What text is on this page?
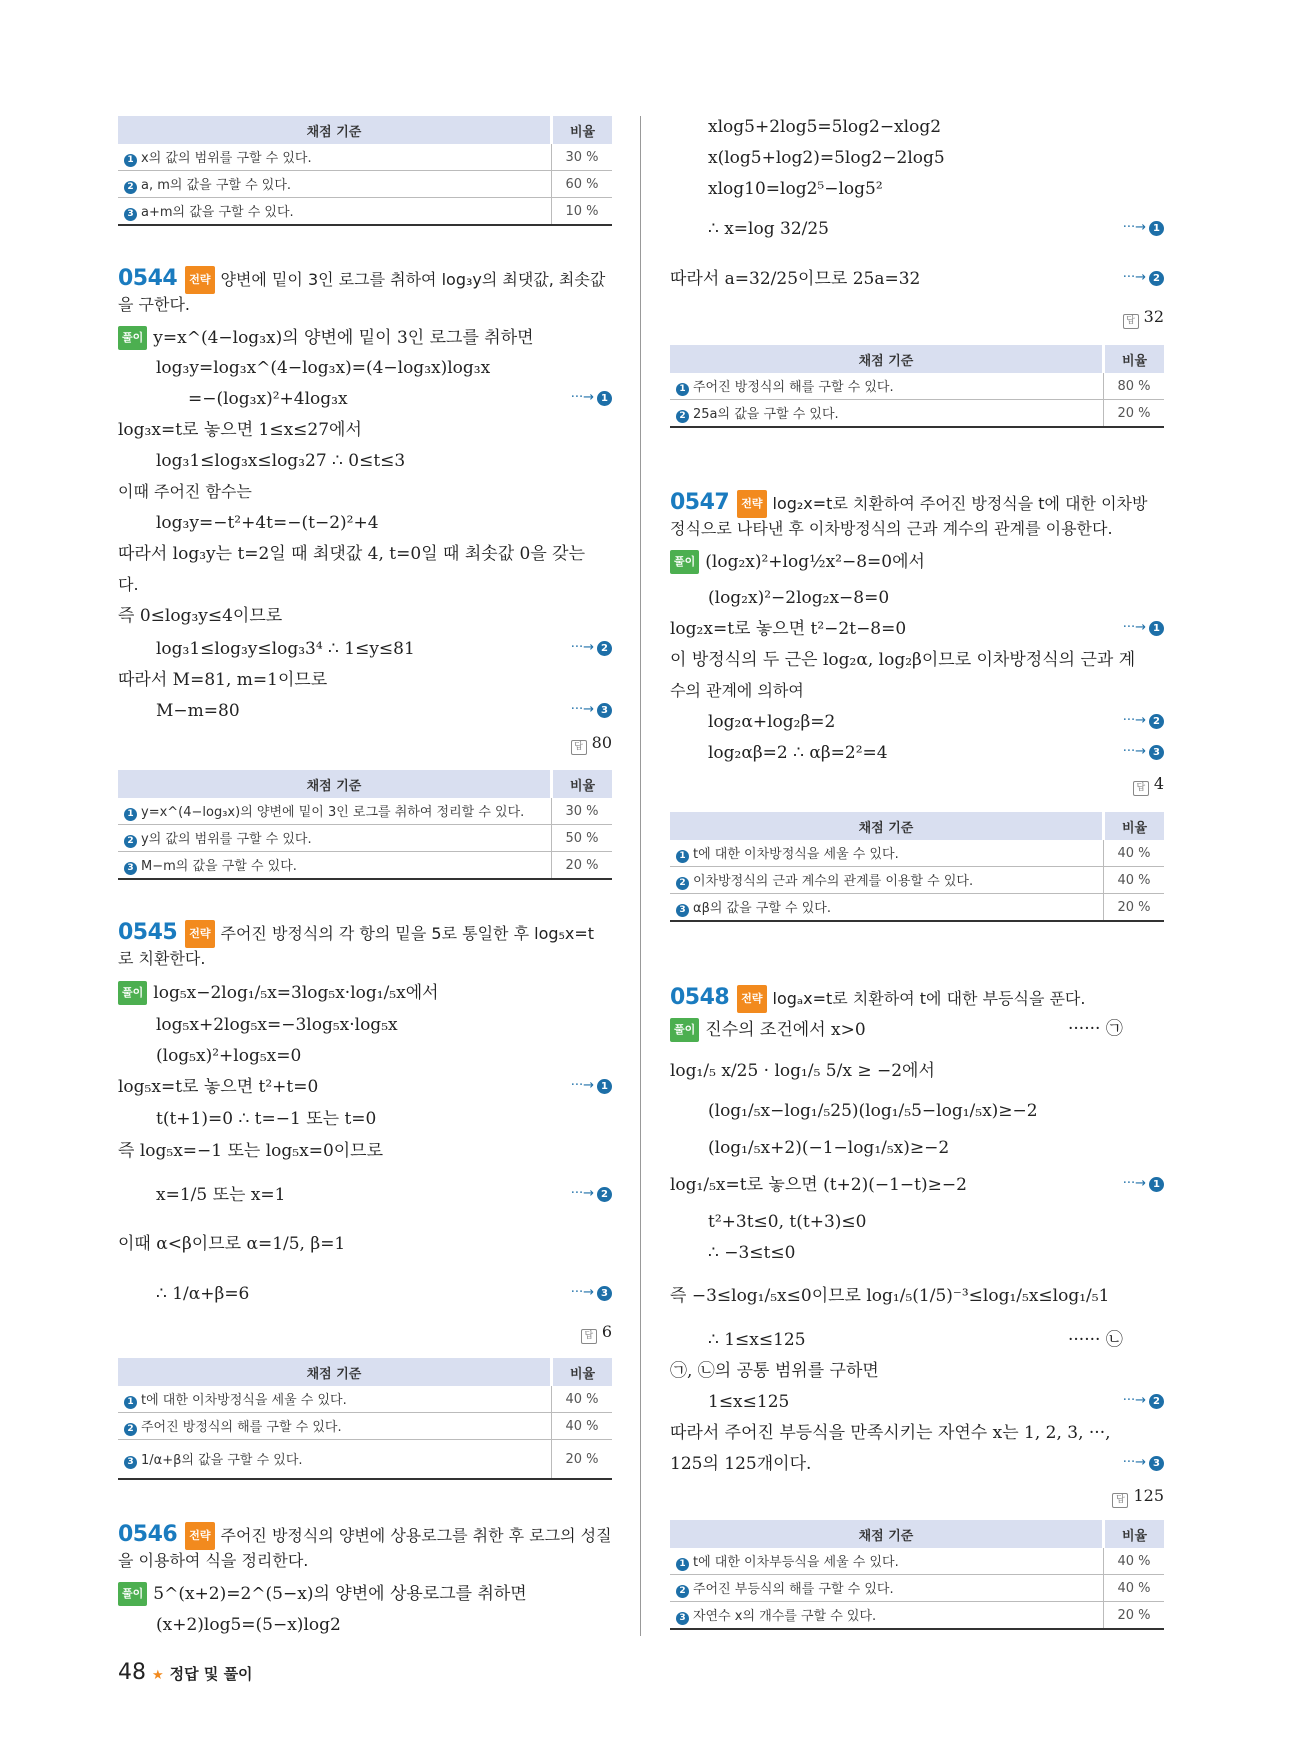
채점 기준	비율
1 x의 값의 범위를 구할 수 있다.	30 %
2 a, m의 값을 구할 수 있다.	60 %
3 a+m의 값을 구할 수 있다.	10 %
0544 전략 양변에 밑이 3인 로그를 취하여 log₃y의 최댓값, 최솟값
을 구한다.
풀이 y=x^(4−log₃x)의 양변에 밑이 3인 로그를 취하면
log₃y=log₃x^(4−log₃x)=(4−log₃x)log₃x
=−(log₃x)²+4log₃x	···→ 1
log₃x=t로 놓으면 1≤x≤27에서
log₃1≤log₃x≤log₃27 ∴ 0≤t≤3
이때 주어진 함수는
log₃y=−t²+4t=−(t−2)²+4
따라서 log₃y는 t=2일 때 최댓값 4, t=0일 때 최솟값 0을 갖는
다.
즉 0≤log₃y≤4이므로
log₃1≤log₃y≤log₃3⁴ ∴ 1≤y≤81	···→ 2
따라서 M=81, m=1이므로
M−m=80	···→ 3
답 80
채점 기준	비율
1 y=x^(4−log₃x)의 양변에 밑이 3인 로그를 취하여 정리할 수 있다.	30 %
2 y의 값의 범위를 구할 수 있다.	50 %
3 M−m의 값을 구할 수 있다.	20 %
0545 전략 주어진 방정식의 각 항의 밑을 5로 통일한 후 log₅x=t
로 치환한다.
풀이 log₅x−2log₁/₅x=3log₅x·log₁/₅x에서
log₅x+2log₅x=−3log₅x·log₅x
(log₅x)²+log₅x=0
log₅x=t로 놓으면 t²+t=0	···→ 1
t(t+1)=0 ∴ t=−1 또는 t=0
즉 log₅x=−1 또는 log₅x=0이므로
x=1/5 또는 x=1	···→ 2
이때 α<β이므로 α=1/5, β=1
∴ 1/α+β=6	···→ 3
답 6
채점 기준	비율
1 t에 대한 이차방정식을 세울 수 있다.	40 %
2 주어진 방정식의 해를 구할 수 있다.	40 %
3 1/α+β의 값을 구할 수 있다.	20 %
0546 전략 주어진 방정식의 양변에 상용로그를 취한 후 로그의 성질
을 이용하여 식을 정리한다.
풀이 5^(x+2)=2^(5−x)의 양변에 상용로그를 취하면
(x+2)log5=(5−x)log2
xlog5+2log5=5log2−xlog2
x(log5+log2)=5log2−2log5
xlog10=log2⁵−log5²
∴ x=log 32/25	···→ 1
따라서 a=32/25이므로 25a=32	···→ 2
답 32
채점 기준	비율
1 주어진 방정식의 해를 구할 수 있다.	80 %
2 25a의 값을 구할 수 있다.	20 %
0547 전략 log₂x=t로 치환하여 주어진 방정식을 t에 대한 이차방
정식으로 나타낸 후 이차방정식의 근과 계수의 관계를 이용한다.
풀이 (log₂x)²+log½x²−8=0에서
(log₂x)²−2log₂x−8=0
log₂x=t로 놓으면 t²−2t−8=0	···→ 1
이 방정식의 두 근은 log₂α, log₂β이므로 이차방정식의 근과 계
수의 관계에 의하여
log₂α+log₂β=2	···→ 2
log₂αβ=2 ∴ αβ=2²=4	···→ 3
답 4
채점 기준	비율
1 t에 대한 이차방정식을 세울 수 있다.	40 %
2 이차방정식의 근과 계수의 관계를 이용할 수 있다.	40 %
3 αβ의 값을 구할 수 있다.	20 %
0548 전략 logₐx=t로 치환하여 t에 대한 부등식을 푼다.
풀이 진수의 조건에서 x>0	······ ㉠
log₁/₅ x/25 · log₁/₅ 5/x ≥ −2에서
(log₁/₅x−log₁/₅25)(log₁/₅5−log₁/₅x)≥−2
(log₁/₅x+2)(−1−log₁/₅x)≥−2
log₁/₅x=t로 놓으면 (t+2)(−1−t)≥−2	···→ 1
t²+3t≤0, t(t+3)≤0
∴ −3≤t≤0
즉 −3≤log₁/₅x≤0이므로 log₁/₅(1/5)⁻³≤log₁/₅x≤log₁/₅1
∴ 1≤x≤125	······ ㉡
㉠, ㉡의 공통 범위를 구하면
1≤x≤125	···→ 2
따라서 주어진 부등식을 만족시키는 자연수 x는 1, 2, 3, ···,
125의 125개이다.	···→ 3
답 125
채점 기준	비율
1 t에 대한 이차부등식을 세울 수 있다.	40 %
2 주어진 부등식의 해를 구할 수 있다.	40 %
3 자연수 x의 개수를 구할 수 있다.	20 %
48 ★ 정답 및 풀이
